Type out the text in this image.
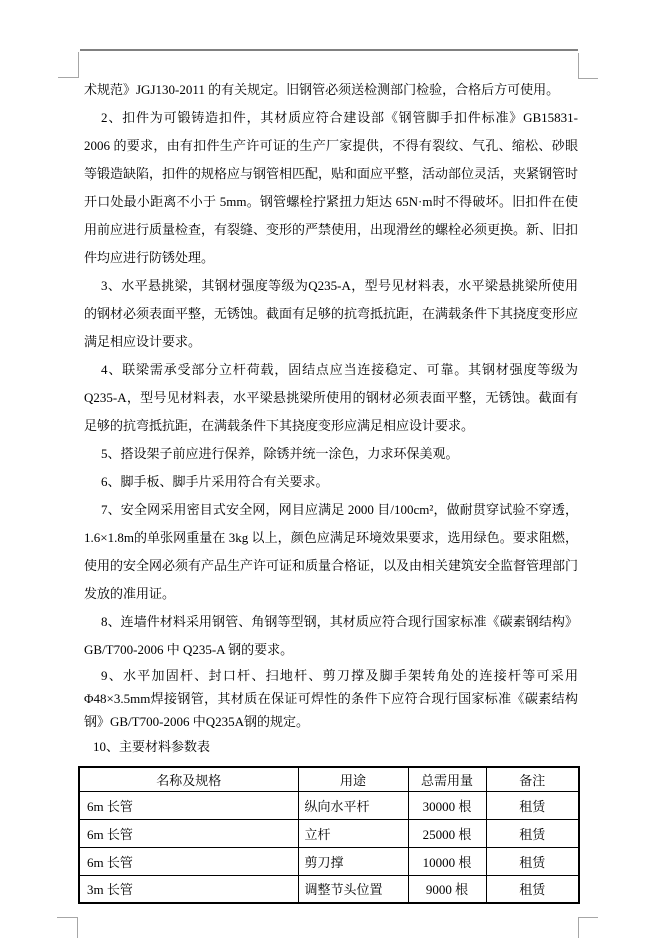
术规范》JGJ130-2011 的有关规定。旧钢管必须送检测部门检验，合格后方可使用。

2、扣件为可锻铸造扣件，其材质应符合建设部《钢管脚手扣件标准》GB15831-2006 的要求，由有扣件生产许可证的生产厂家提供，不得有裂纹、气孔、缩松、砂眼等锻造缺陷，扣件的规格应与钢管相匹配，贴和面应平整，活动部位灵活，夹紧钢管时开口处最小距离不小于 5mm。钢管螺栓拧紧扭力矩达 65N·m时不得破坏。旧扣件在使用前应进行质量检查，有裂缝、变形的严禁使用，出现滑丝的螺栓必须更换。新、旧扣件均应进行防锈处理。

3、水平悬挑梁，其钢材强度等级为Q235-A，型号见材料表，水平梁悬挑梁所使用的钢材必须表面平整，无锈蚀。截面有足够的抗弯抵抗距，在满载条件下其挠度变形应满足相应设计要求。

4、联梁需承受部分立杆荷载，固结点应当连接稳定、可靠。其钢材强度等级为 Q235-A，型号见材料表，水平梁悬挑梁所使用的钢材必须表面平整，无锈蚀。截面有足够的抗弯抵抗距，在满载条件下其挠度变形应满足相应设计要求。

5、搭设架子前应进行保养，除锈并统一涂色，力求环保美观。

6、脚手板、脚手片采用符合有关要求。

7、安全网采用密目式安全网，网目应满足 2000 目/100cm²，做耐贯穿试验不穿透，1.6×1.8m的单张网重量在 3kg 以上，颜色应满足环境效果要求，选用绿色。要求阻燃，使用的安全网必须有产品生产许可证和质量合格证，以及由相关建筑安全监督管理部门发放的准用证。

8、连墙件材料采用钢管、角钢等型钢，其材质应符合现行国家标准《碳素钢结构》GB/T700-2006 中 Q235-A 钢的要求。

9、水平加固杆、封口杆、扫地杆、剪刀撑及脚手架转角处的连接杆等可采用 Φ48×3.5mm焊接钢管，其材质在保证可焊性的条件下应符合现行国家标准《碳素结构钢》GB/T700-2006 中Q235A钢的规定。

10、主要材料参数表

名称及规格	用途	总需用量	备注
6m 长管	纵向水平杆	30000 根	租赁
6m 长管	立杆	25000 根	租赁
6m 长管	剪刀撑	10000 根	租赁
3m 长管	调整节头位置	9000 根	租赁
